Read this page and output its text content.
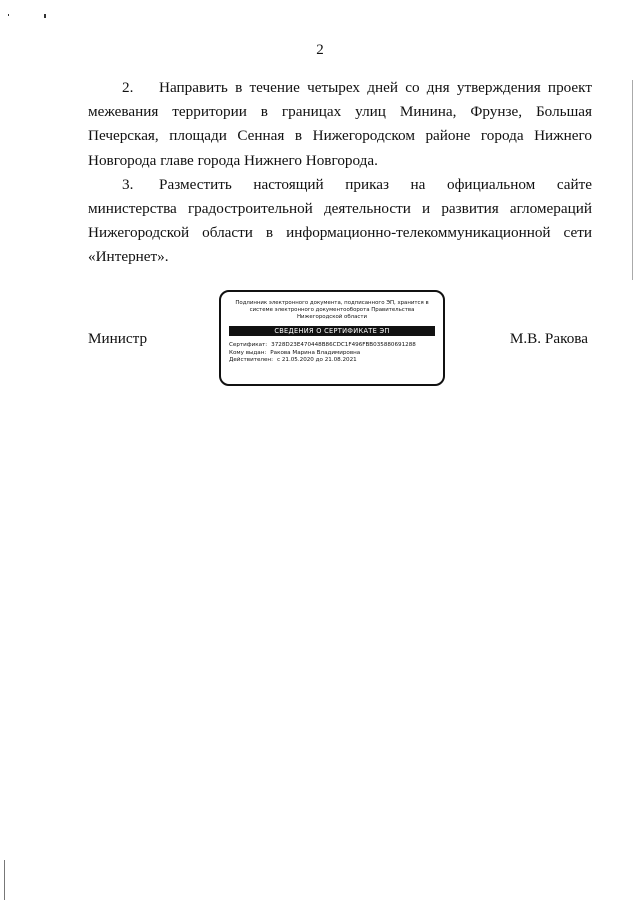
2

2. Направить в течение четырех дней со дня утверждения проект межевания территории в границах улиц Минина, Фрунзе, Большая Печерская, площади Сенная в Нижегородском районе города Нижнего Новгорода главе города Нижнего Новгорода.

3. Разместить настоящий приказ на официальном сайте министерства градостроительной деятельности и развития агломераций Нижегородской области в информационно-телекоммуникационной сети «Интернет».

Министр
Подлинник электронного документа, подписанного ЭП, хранится в системе электронного документооборота Правительства Нижегородской области
СВЕДЕНИЯ О СЕРТИФИКАТЕ ЭП
Сертификат: 3728D23E470448B86CDC1F496FBB035880691288
Кому выдан: Ракова Марина Владимировна
Действителен: с 21.05.2020 до 21.08.2021
М.В. Ракова
